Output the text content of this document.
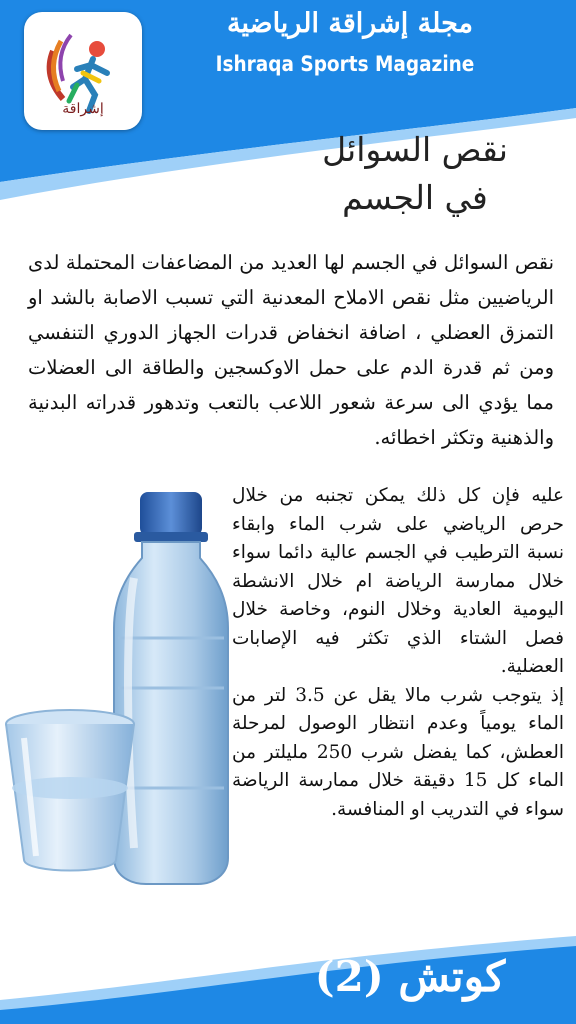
إشراقة
مجلة إشراقة الرياضية
Ishraqa Sports Magazine
نقص السوائل
في الجسم
نقص السوائل في الجسم لها العديد من المضاعفات المحتملة لدى الرياضيين مثل نقص الاملاح المعدنية التي تسبب الاصابة بالشد او التمزق العضلي ، اضافة انخفاض قدرات الجهاز الدوري التنفسي ومن ثم قدرة الدم على حمل الاوكسجين والطاقة الى العضلات مما يؤدي الى سرعة شعور اللاعب بالتعب وتدهور قدراته البدنية والذهنية وتكثر اخطائه.

عليه فإن كل ذلك يمكن تجنبه من خلال حرص الرياضي على شرب الماء وابقاء نسبة الترطيب في الجسم عالية دائما سواء خلال ممارسة الرياضة ام خلال الانشطة اليومية العادية وخلال النوم، وخاصة خلال فصل الشتاء الذي تكثر فيه الإصابات العضلية.

إذ يتوجب شرب مالا يقل عن 3.5 لتر من الماء يومياً وعدم انتظار الوصول لمرحلة العطش، كما يفضل شرب 250 مليلتر من الماء كل 15 دقيقة خلال ممارسة الرياضة سواء في التدريب او المنافسة.

كوتش (2)
